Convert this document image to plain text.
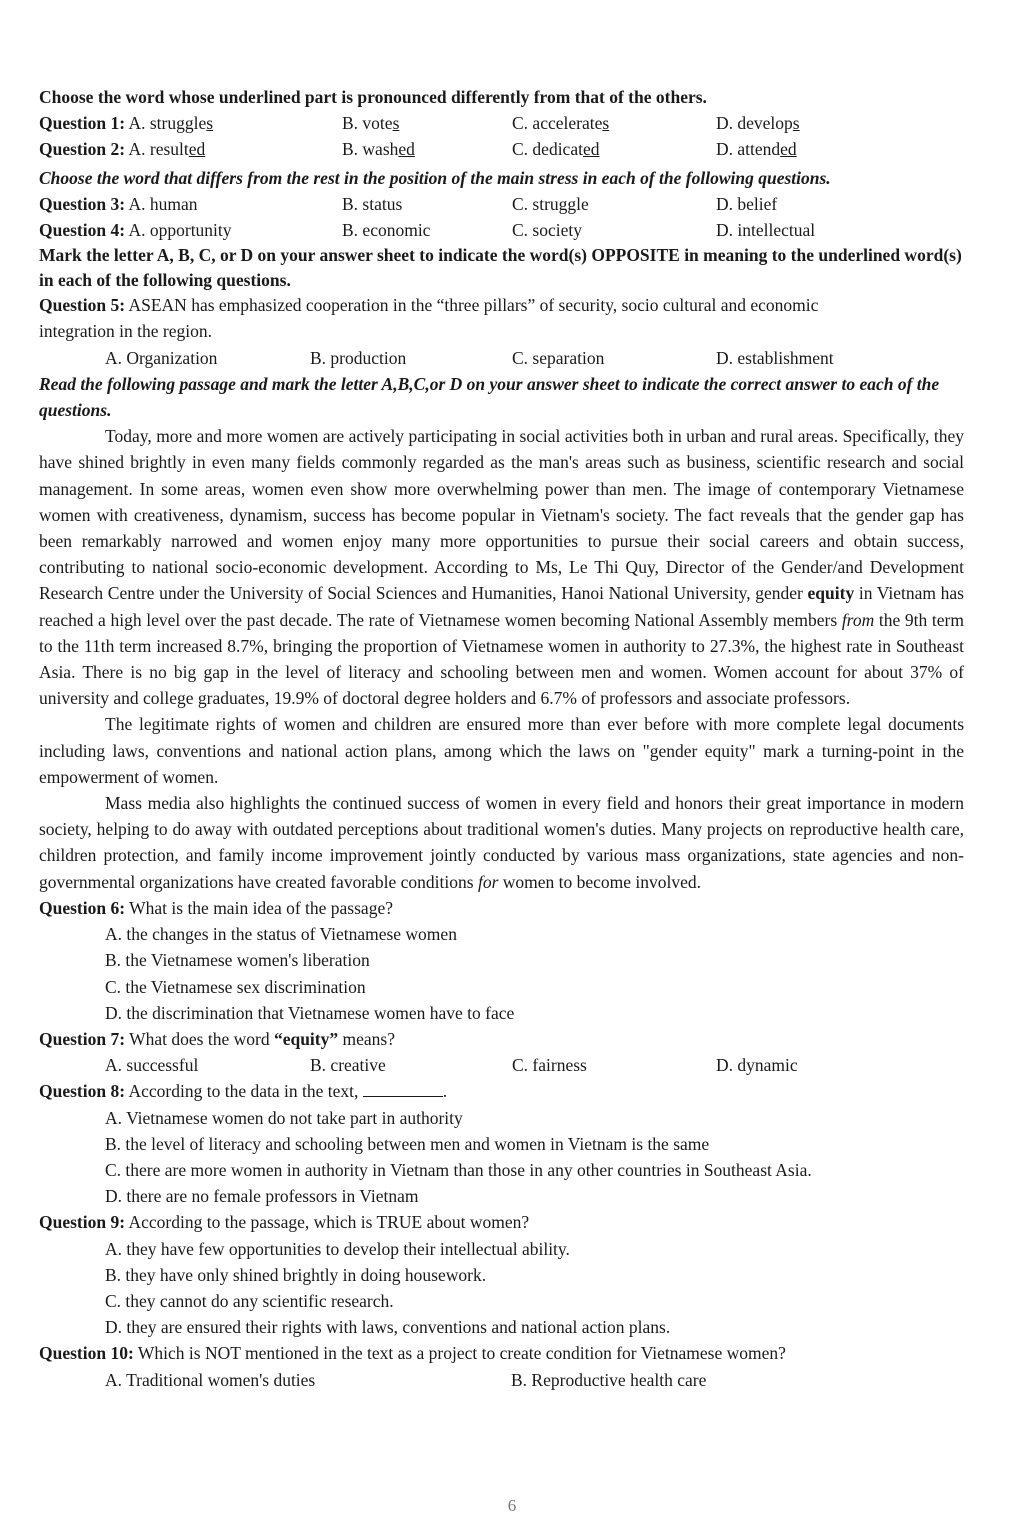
Choose the word whose underlined part is pronounced differently from that of the others.
Question 1: A. struggles	B. votes	C. accelerates	D. develops
Question 2: A. resulted	B. washed	C. dedicated	D. attended
Choose the word that differs from the rest in the position of the main stress in each of the following questions.
Question 3: A. human	B. status	C. struggle	D. belief
Question 4: A. opportunity	B. economic	C. society	D. intellectual
Mark the letter A, B, C, or D on your answer sheet to indicate the word(s) OPPOSITE in meaning to the underlined word(s) in each of the following questions.
Question 5: ASEAN has emphasized cooperation in the “three pillars” of security, socio cultural and economic
integration in the region.
A. Organization	B. production	C. separation	D. establishment
Read the following passage and mark the letter A,B,C,or D on your answer sheet to indicate the correct answer to each of the questions.

Today, more and more women are actively participating in social activities both in urban and rural areas. Specifically, they have shined brightly in even many fields commonly regarded as the man's areas such as business, scientific research and social management. In some areas, women even show more overwhelming power than men. The image of contemporary Vietnamese women with creativeness, dynamism, success has become popular in Vietnam's society. The fact reveals that the gender gap has been remarkably narrowed and women enjoy many more opportunities to pursue their social careers and obtain success, contributing to national socio-economic development. According to Ms, Le Thi Quy, Director of the Gender/and Development Research Centre under the University of Social Sciences and Humanities, Hanoi National University, gender equity in Vietnam has reached a high level over the past decade. The rate of Vietnamese women becoming National Assembly members from the 9th term to the 11th term increased 8.7%, bringing the proportion of Vietnamese women in authority to 27.3%, the highest rate in Southeast Asia. There is no big gap in the level of literacy and schooling between men and women. Women account for about 37% of university and college graduates, 19.9% of doctoral degree holders and 6.7% of professors and associate professors.

The legitimate rights of women and children are ensured more than ever before with more complete legal documents including laws, conventions and national action plans, among which the laws on "gender equity" mark a turning-point in the empowerment of women.

Mass media also highlights the continued success of women in every field and honors their great importance in modern society, helping to do away with outdated perceptions about traditional women's duties. Many projects on reproductive health care, children protection, and family income improvement jointly conducted by various mass organizations, state agencies and non-governmental organizations have created favorable conditions for women to become involved.

Question 6: What is the main idea of the passage?
A. the changes in the status of Vietnamese women
B. the Vietnamese women's liberation
C. the Vietnamese sex discrimination
D. the discrimination that Vietnamese women have to face
Question 7: What does the word “equity” means?
A. successful	B. creative	C. fairness	D. dynamic
Question 8: According to the data in the text,	.
A. Vietnamese women do not take part in authority
B. the level of literacy and schooling between men and women in Vietnam is the same
C. there are more women in authority in Vietnam than those in any other countries in Southeast Asia.
D. there are no female professors in Vietnam
Question 9: According to the passage, which is TRUE about women?
A. they have few opportunities to develop their intellectual ability.
B. they have only shined brightly in doing housework.
C. they cannot do any scientific research.
D. they are ensured their rights with laws, conventions and national action plans.
Question 10: Which is NOT mentioned in the text as a project to create condition for Vietnamese women?
A. Traditional women's duties	B. Reproductive health care
6
